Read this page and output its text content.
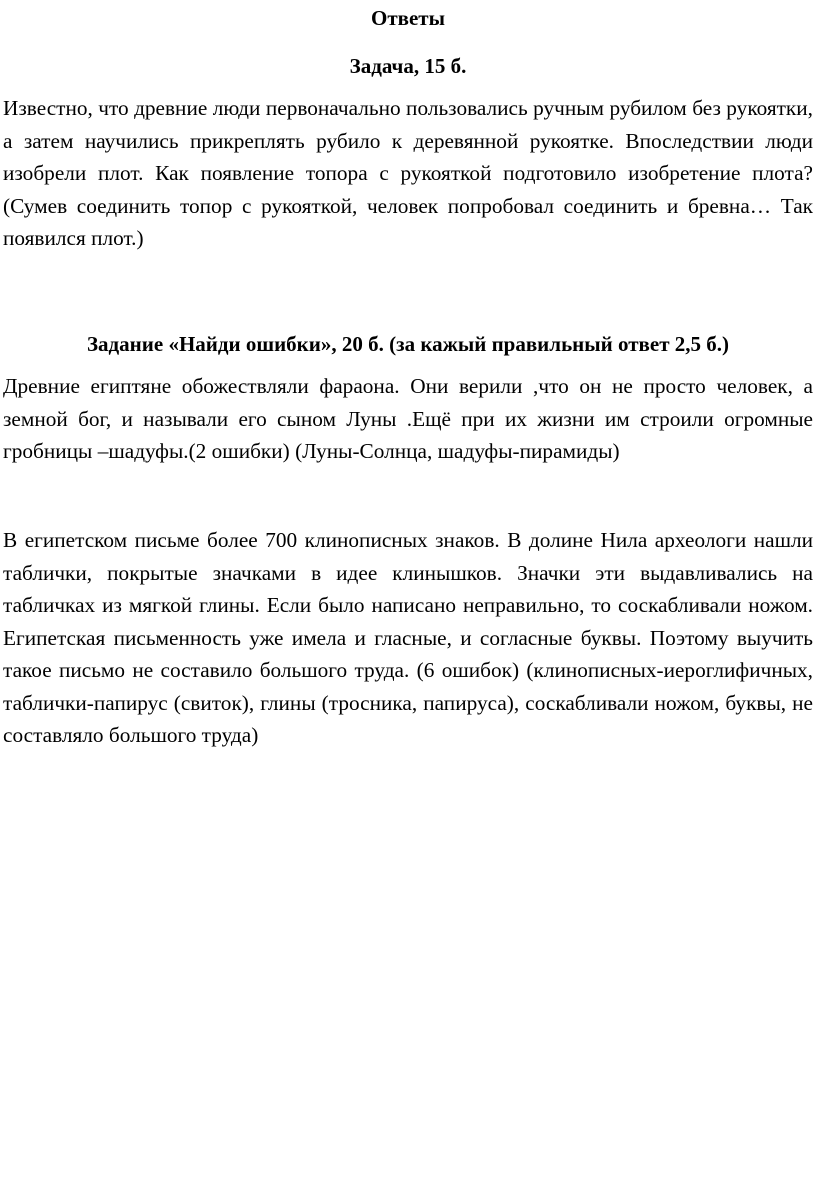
Ответы
Задача, 15 б.

Известно, что древние люди первоначально пользовались ручным рубилом без рукоятки, а затем научились прикреплять рубило к деревянной рукоятке. Впоследствии люди изобрели плот. Как появление топора с рукояткой подготовило изобретение плота? (Сумев соединить топор с рукояткой, человек попробовал соединить и бревна… Так появился плот.)

Задание «Найди ошибки», 20 б. (за кажый правильный ответ 2,5 б.)

Древние египтяне обожествляли фараона. Они верили ,что он не просто человек, а земной бог, и называли его сыном Луны .Ещё при их жизни им строили огромные гробницы –шадуфы.(2 ошибки) (Луны-Солнца, шадуфы-пирамиды)

В египетском письме более 700 клинописных знаков. В долине Нила археологи нашли таблички, покрытые значками в идее клинышков. Значки эти выдавливались на табличках из мягкой глины. Если было написано неправильно, то соскабливали ножом. Египетская письменность уже имела и гласные, и согласные буквы. Поэтому выучить такое письмо не составило большого труда. (6 ошибок) (клинописных-иероглифичных, таблички-папирус (свиток), глины (тросника, папируса), соскабливали ножом, буквы, не составляло большого труда)
